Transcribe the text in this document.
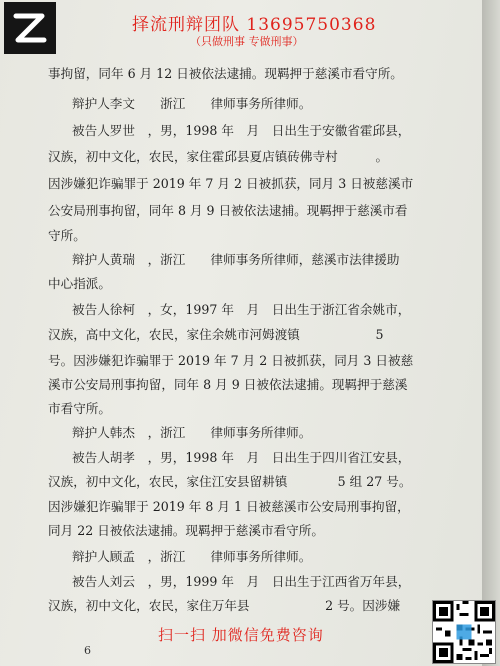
择流刑辩团队 13695750368
（只做刑事 专做刑事）
事拘留，同年 6 月 12 日被依法逮捕。现羁押于慈溪市看守所。
辩护人李文　　浙江　　律师事务所律师。
被告人罗世　，男，1998 年　月　日出生于安徽省霍邱县，
汉族，初中文化，农民，家住霍邱县夏店镇砖佛寺村　　　。
因涉嫌犯诈骗罪于 2019 年 7 月 2 日被抓获，同月 3 日被慈溪市
公安局刑事拘留，同年 8 月 9 日被依法逮捕。现羁押于慈溪市看
守所。
辩护人黄瑞　，浙江　　律师事务所律师，慈溪市法律援助
中心指派。
被告人徐柯　，女，1997 年　月　日出生于浙江省余姚市，
汉族，高中文化，农民，家住余姚市河姆渡镇　　　　　　5
号。因涉嫌犯诈骗罪于 2019 年 7 月 2 日被抓获，同月 3 日被慈
溪市公安局刑事拘留，同年 8 月 9 日被依法逮捕。现羁押于慈溪
市看守所。
辩护人韩杰　，浙江　　律师事务所律师。
被告人胡孝　，男，1998 年　月　日出生于四川省江安县，
汉族，初中文化，农民，家住江安县留耕镇　　　　5 组 27 号。
因涉嫌犯诈骗罪于 2019 年 8 月 1 日被慈溪市公安局刑事拘留，
同月 22 日被依法逮捕。现羁押于慈溪市看守所。
辩护人顾孟　，浙江　　律师事务所律师。
被告人刘云　，男，1999 年　月　日出生于江西省万年县，
汉族，初中文化，农民，家住万年县　　　　　　2 号。因涉嫌
扫一扫 加微信免费咨询
6
